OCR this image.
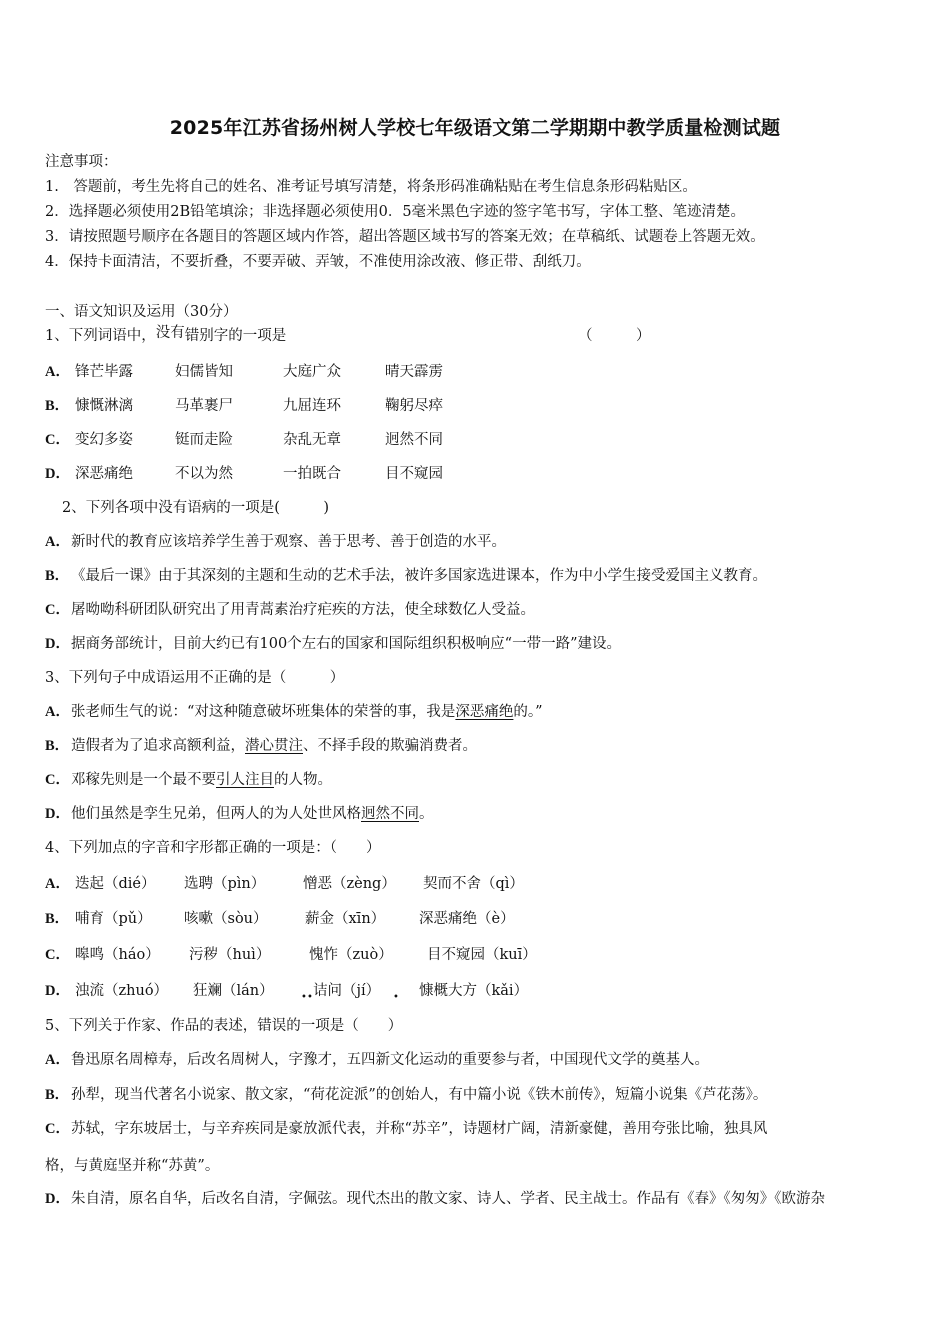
2025年江苏省扬州树人学校七年级语文第二学期期中教学质量检测试题
注意事项：
1.　答题前，考生先将自己的姓名、准考证号填写清楚，将条形码准确粘贴在考生信息条形码粘贴区。
2．选择题必须使用2B铅笔填涂；非选择题必须使用0．5毫米黑色字迹的签字笔书写，字体工整、笔迹清楚。
3．请按照题号顺序在各题目的答题区域内作答，超出答题区域书写的答案无效；在草稿纸、试题卷上答题无效。
4．保持卡面清洁，不要折叠，不要弄破、弄皱，不准使用涂改液、修正带、刮纸刀。
一、语文知识及运用（30分）
1、下列词语中，没有错别字的一项是	（　　　）
A． 锋芒毕露	妇儒皆知	大庭广众	晴天霹雳
B． 慷慨淋漓	马革裹尸	九屈连环	鞠躬尽瘁
C． 变幻多姿	铤而走险	杂乱无章	迥然不同
D． 深恶痛绝	不以为然	一拍既合	目不窥园
2、下列各项中没有语病的一项是(　　　)
A．新时代的教育应该培养学生善于观察、善于思考、善于创造的水平。
B． 《最后一课》由于其深刻的主题和生动的艺术手法，被许多国家选进课本，作为中小学生接受爱国主义教育。
C．屠呦呦科研团队研究出了用青蒿素治疗疟疾的方法，使全球数亿人受益。
D．据商务部统计，目前大约已有100个左右的国家和国际组织积极响应“一带一路”建设。
3、下列句子中成语运用不正确的是（　　　）
A．张老师生气的说：“对这种随意破坏班集体的荣誉的事，我是深恶痛绝的。”
B． 造假者为了追求高额利益，潜心贯注、不择手段的欺骗消费者。
C．邓稼先则是一个最不要引人注目的人物。
D．他们虽然是孪生兄弟，但两人的为人处世风格迥然不同。
4、下列加点的字音和字形都正确的一项是：（　　）
A． 迭起（dié） 选聘（pìn）	憎恶（zèng） 契而不舍（qì）
B． 哺育（pǔ） 咳嗽（sòu）	薪金（xīn） 深恶痛绝（è）
C． 嗥鸣（háo） 污秽（huì）	愧怍（zuò） 目不窥园（kuī）
D． 浊流（zhuó） 狂斓（lán）	诘问（jí）	慷概大方（kǎi）
• •	•
5、下列关于作家、作品的表述，错误的一项是（　　）
A．鲁迅原名周樟寿，后改名周树人，字豫才，五四新文化运动的重要参与者，中国现代文学的奠基人。
B． 孙犁，现当代著名小说家、散文家，“荷花淀派”的创始人，有中篇小说《铁木前传》，短篇小说集《芦花荡》。
C．苏轼，字东坡居士，与辛弃疾同是豪放派代表，并称“苏辛”，诗题材广阔，清新豪健，善用夸张比喻，独具风
格，与黄庭坚并称“苏黄”。
D．朱自清，原名自华，后改名自清，字佩弦。现代杰出的散文家、诗人、学者、民主战士。作品有《春》《匆匆》《欧游杂
